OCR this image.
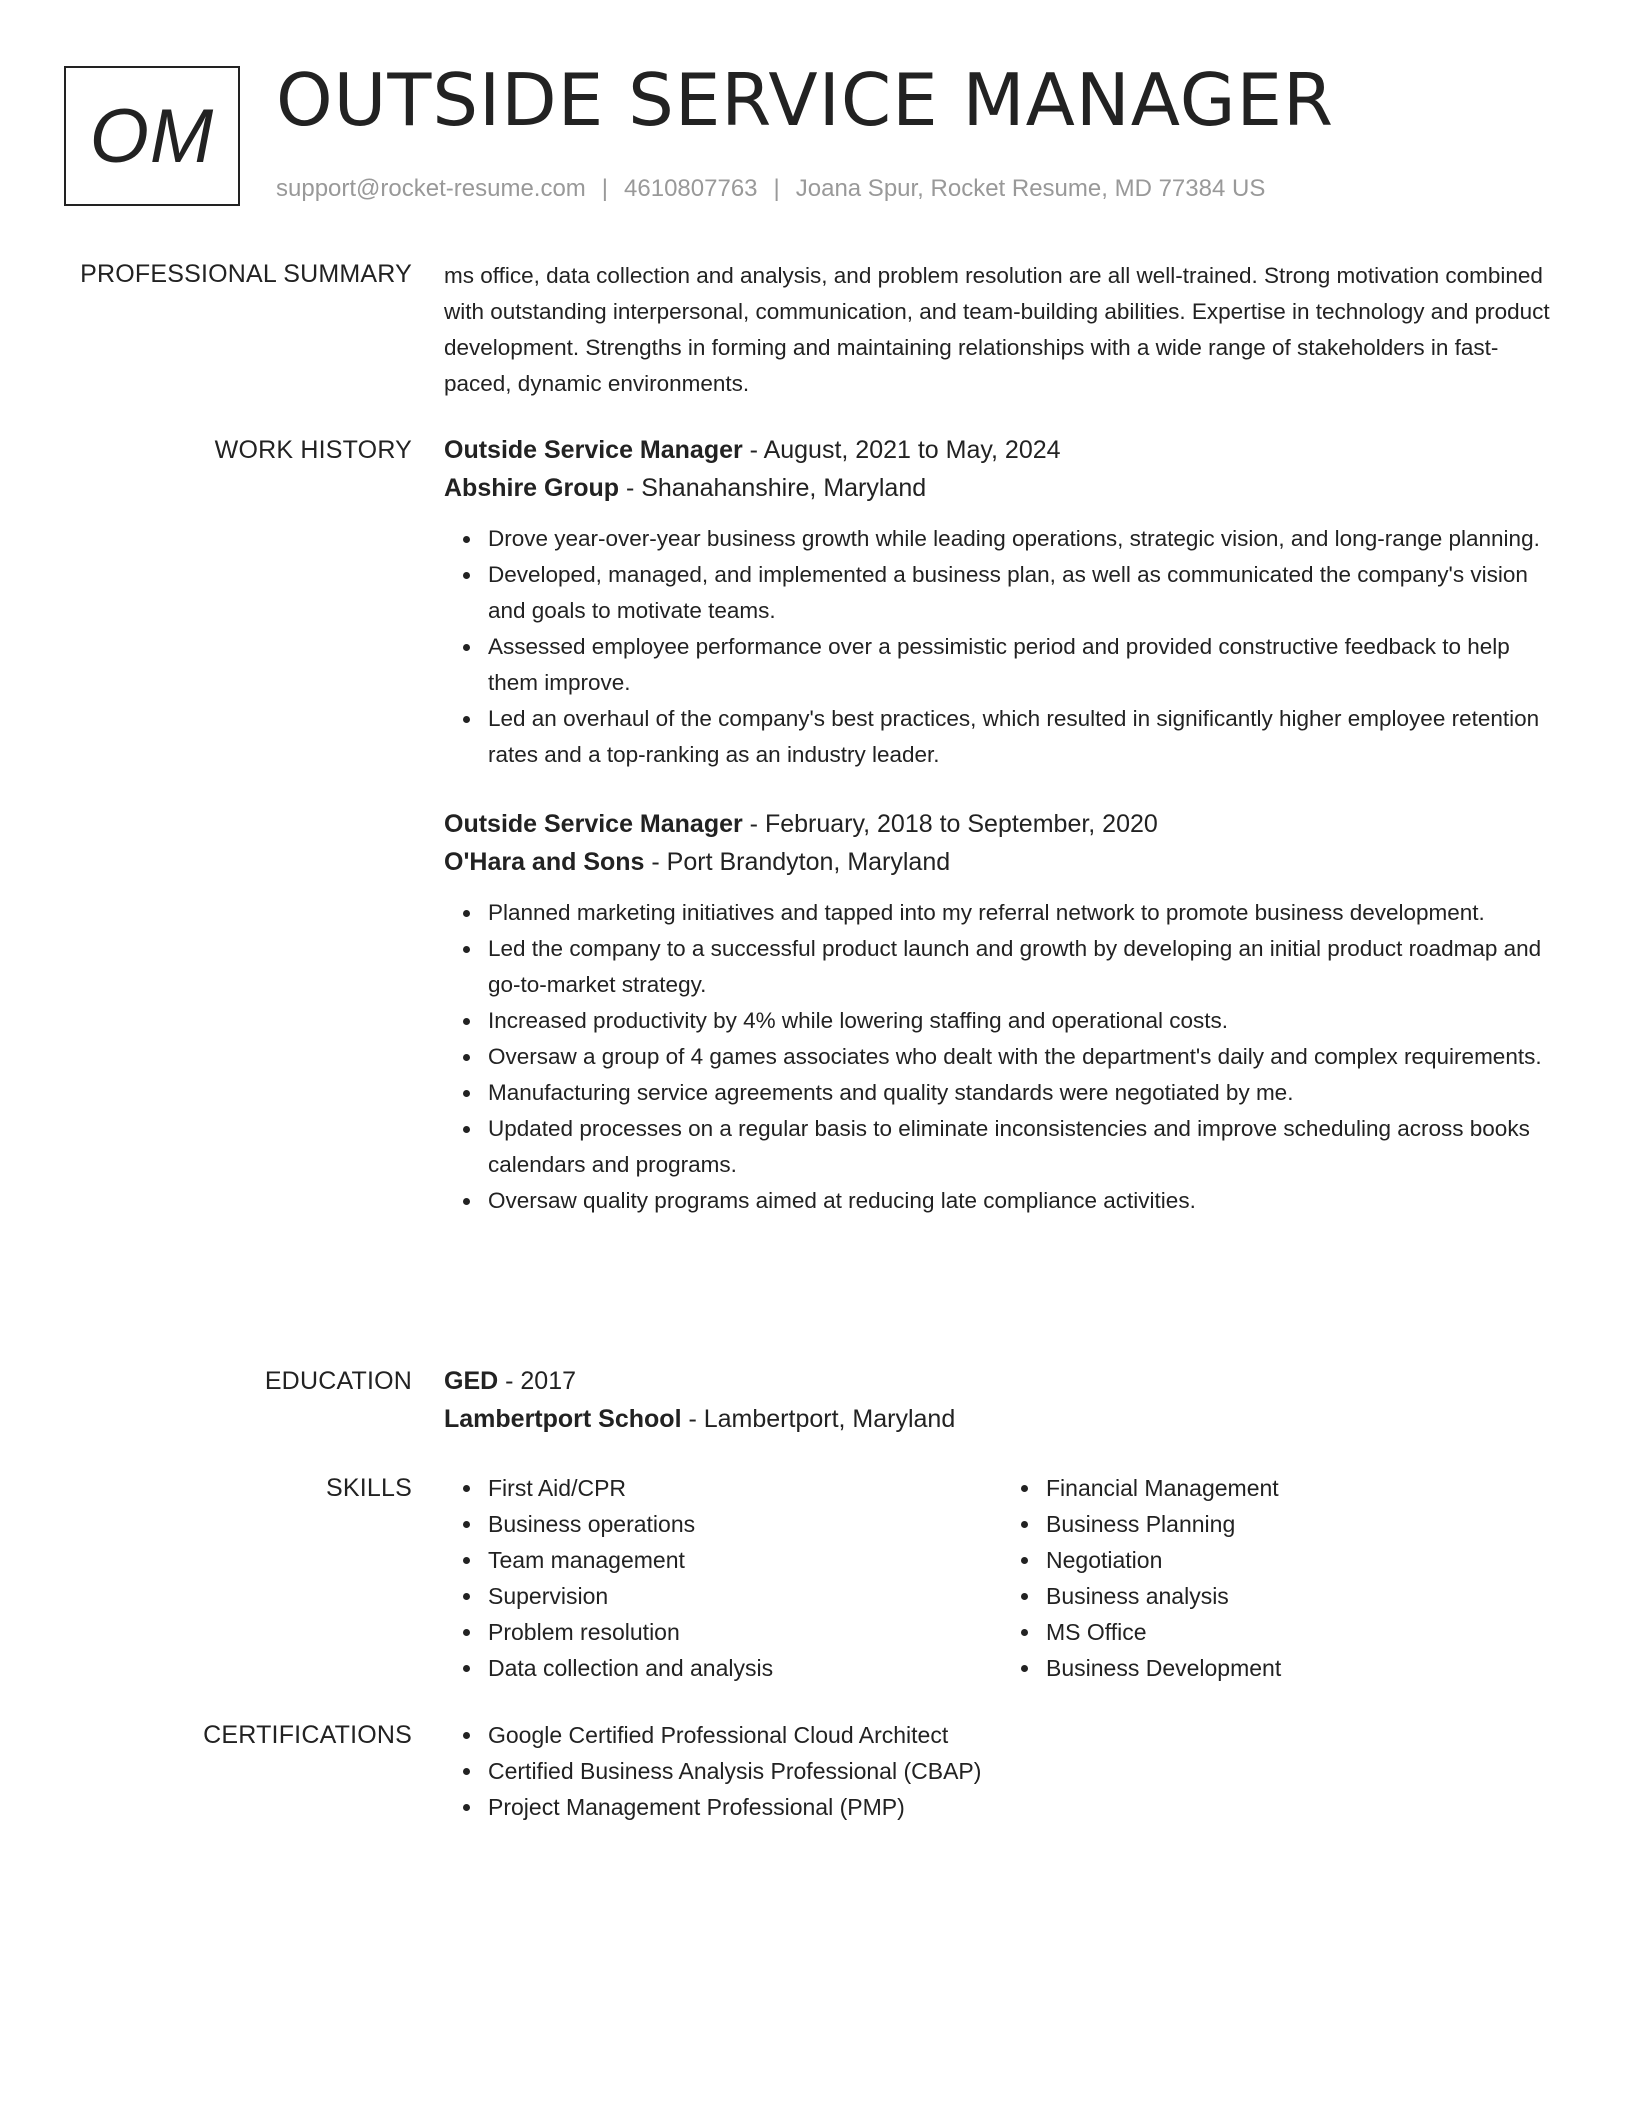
OM OUTSIDE SERVICE MANAGER
support@rocket-resume.com | 4610807763 | Joana Spur, Rocket Resume, MD 77384 US
PROFESSIONAL SUMMARY ms office, data collection and analysis, and problem resolution are all well-trained. Strong motivation combined with outstanding interpersonal, communication, and team-building abilities. Expertise in technology and product development. Strengths in forming and maintaining relationships with a wide range of stakeholders in fast-paced, dynamic environments.

WORK HISTORY Outside Service Manager - August, 2021 to May, 2024
Abshire Group - Shanahanshire, Maryland
Drove year-over-year business growth while leading operations, strategic vision, and long-range planning.
Developed, managed, and implemented a business plan, as well as communicated the company's vision and goals to motivate teams.
Assessed employee performance over a pessimistic period and provided constructive feedback to help them improve.
Led an overhaul of the company's best practices, which resulted in significantly higher employee retention rates and a top-ranking as an industry leader.
Outside Service Manager - February, 2018 to September, 2020
O'Hara and Sons - Port Brandyton, Maryland
Planned marketing initiatives and tapped into my referral network to promote business development.
Led the company to a successful product launch and growth by developing an initial product roadmap and go-to-market strategy.
Increased productivity by 4% while lowering staffing and operational costs.
Oversaw a group of 4 games associates who dealt with the department's daily and complex requirements.
Manufacturing service agreements and quality standards were negotiated by me.
Updated processes on a regular basis to eliminate inconsistencies and improve scheduling across books calendars and programs.
Oversaw quality programs aimed at reducing late compliance activities.
EDUCATION GED - 2017
Lambertport School - Lambertport, Maryland
SKILLS	First Aid/CPR
Business operations
Team management
Supervision
Problem resolution
Data collection and analysis
Financial Management
Business Planning
Negotiation
Business analysis
MS Office
Business Development
CERTIFICATIONS	Google Certified Professional Cloud Architect
Certified Business Analysis Professional (CBAP)
Project Management Professional (PMP)
